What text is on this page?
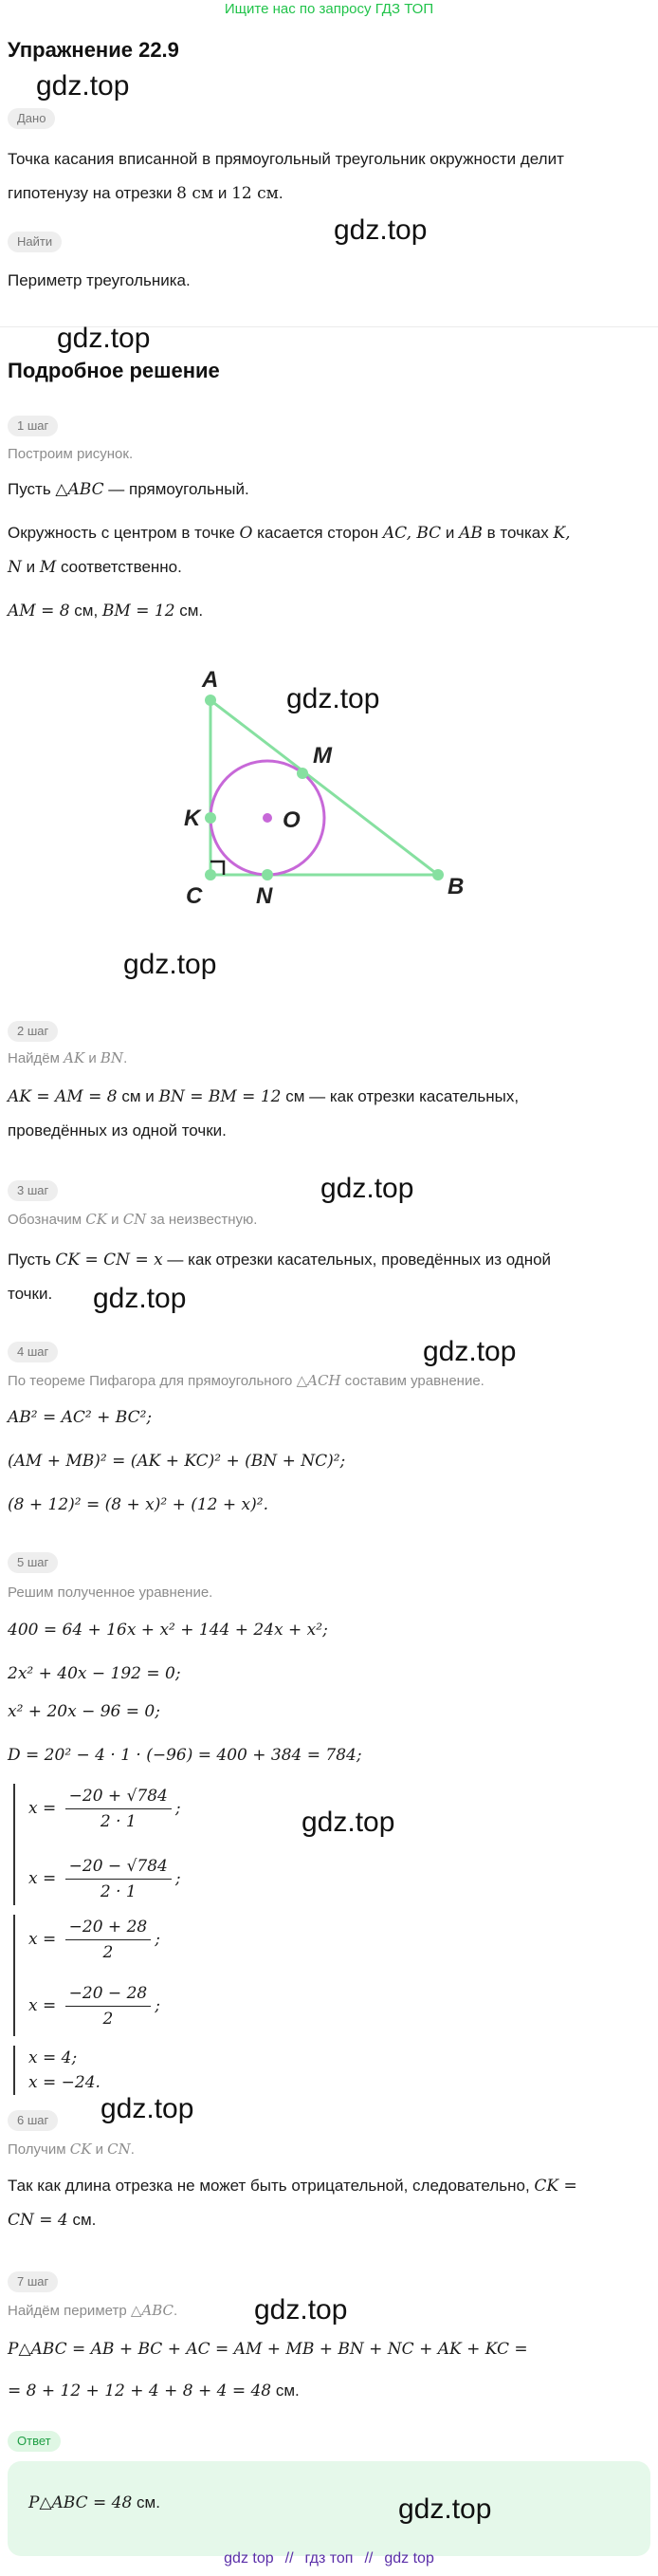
Ищите нас по запросу ГДЗ ТОП
Упражнение 22.9
gdz.top
Дано
Точка касания вписанной в прямоугольный треугольник окружности делит
гипотенузу на отрезки 8 см и 12 см.
gdz.top
Найти
Периметр треугольника.
gdz.top
Подробное решение
1 шаг
Построим рисунок.
Пусть △ABC — прямоугольный.
Окружность с центром в точке O касается сторон AC, BC и AB в точках K,
N и M соответственно.
AM = 8 см, BM = 12 см.
A
M
K	O
C N	B
gdz.top
gdz.top
2 шаг
Найдём AK и BN.
AK = AM = 8 см и BN = BM = 12 см — как отрезки касательных,
проведённых из одной точки.
3 шаг	gdz.top
Обозначим CK и CN за неизвестную.
Пусть CK = CN = x — как отрезки касательных, проведённых из одной
точки. gdz.top
gdz.top
4 шаг
По теореме Пифагора для прямоугольного △ACH составим уравнение.
AB² = AC² + BC²;
(AM + MB)² = (AK + KC)² + (BN + NC)²;
(8 + 12)² = (8 + x)² + (12 + x)².
5 шаг
Решим полученное уравнение.
400 = 64 + 16x + x² + 144 + 24x + x²;
2x² + 40x − 192 = 0;
x² + 20x − 96 = 0;
D = 20² − 4 · 1 · (−96) = 400 + 384 = 784;
$x = \frac{-20 + √784}{2 \cdot 1}$ ;
$x = \frac{-20 - √784}{2 \cdot 1}$ ;
gdz.top
$x = \frac{-20 + 28}{2}$ ;
$x = \frac{-20 - 28}{2}$ ;
x = 4;
x = −24.
6 шаг	gdz.top
Получим CK и CN.
Так как длина отрезка не может быть отрицательной, следовательно, CK =
CN = 4 см.
7 шаг
Найдём периметр △ABC.	gdz.top
P△ABC = AB + BC + AC = AM + MB + BN + NC + AK + KC =
= 8 + 12 + 12 + 4 + 8 + 4 = 48 см.
Ответ
P△ABC = 48 см.	gdz.top
gdz top // гдз топ // gdz top
